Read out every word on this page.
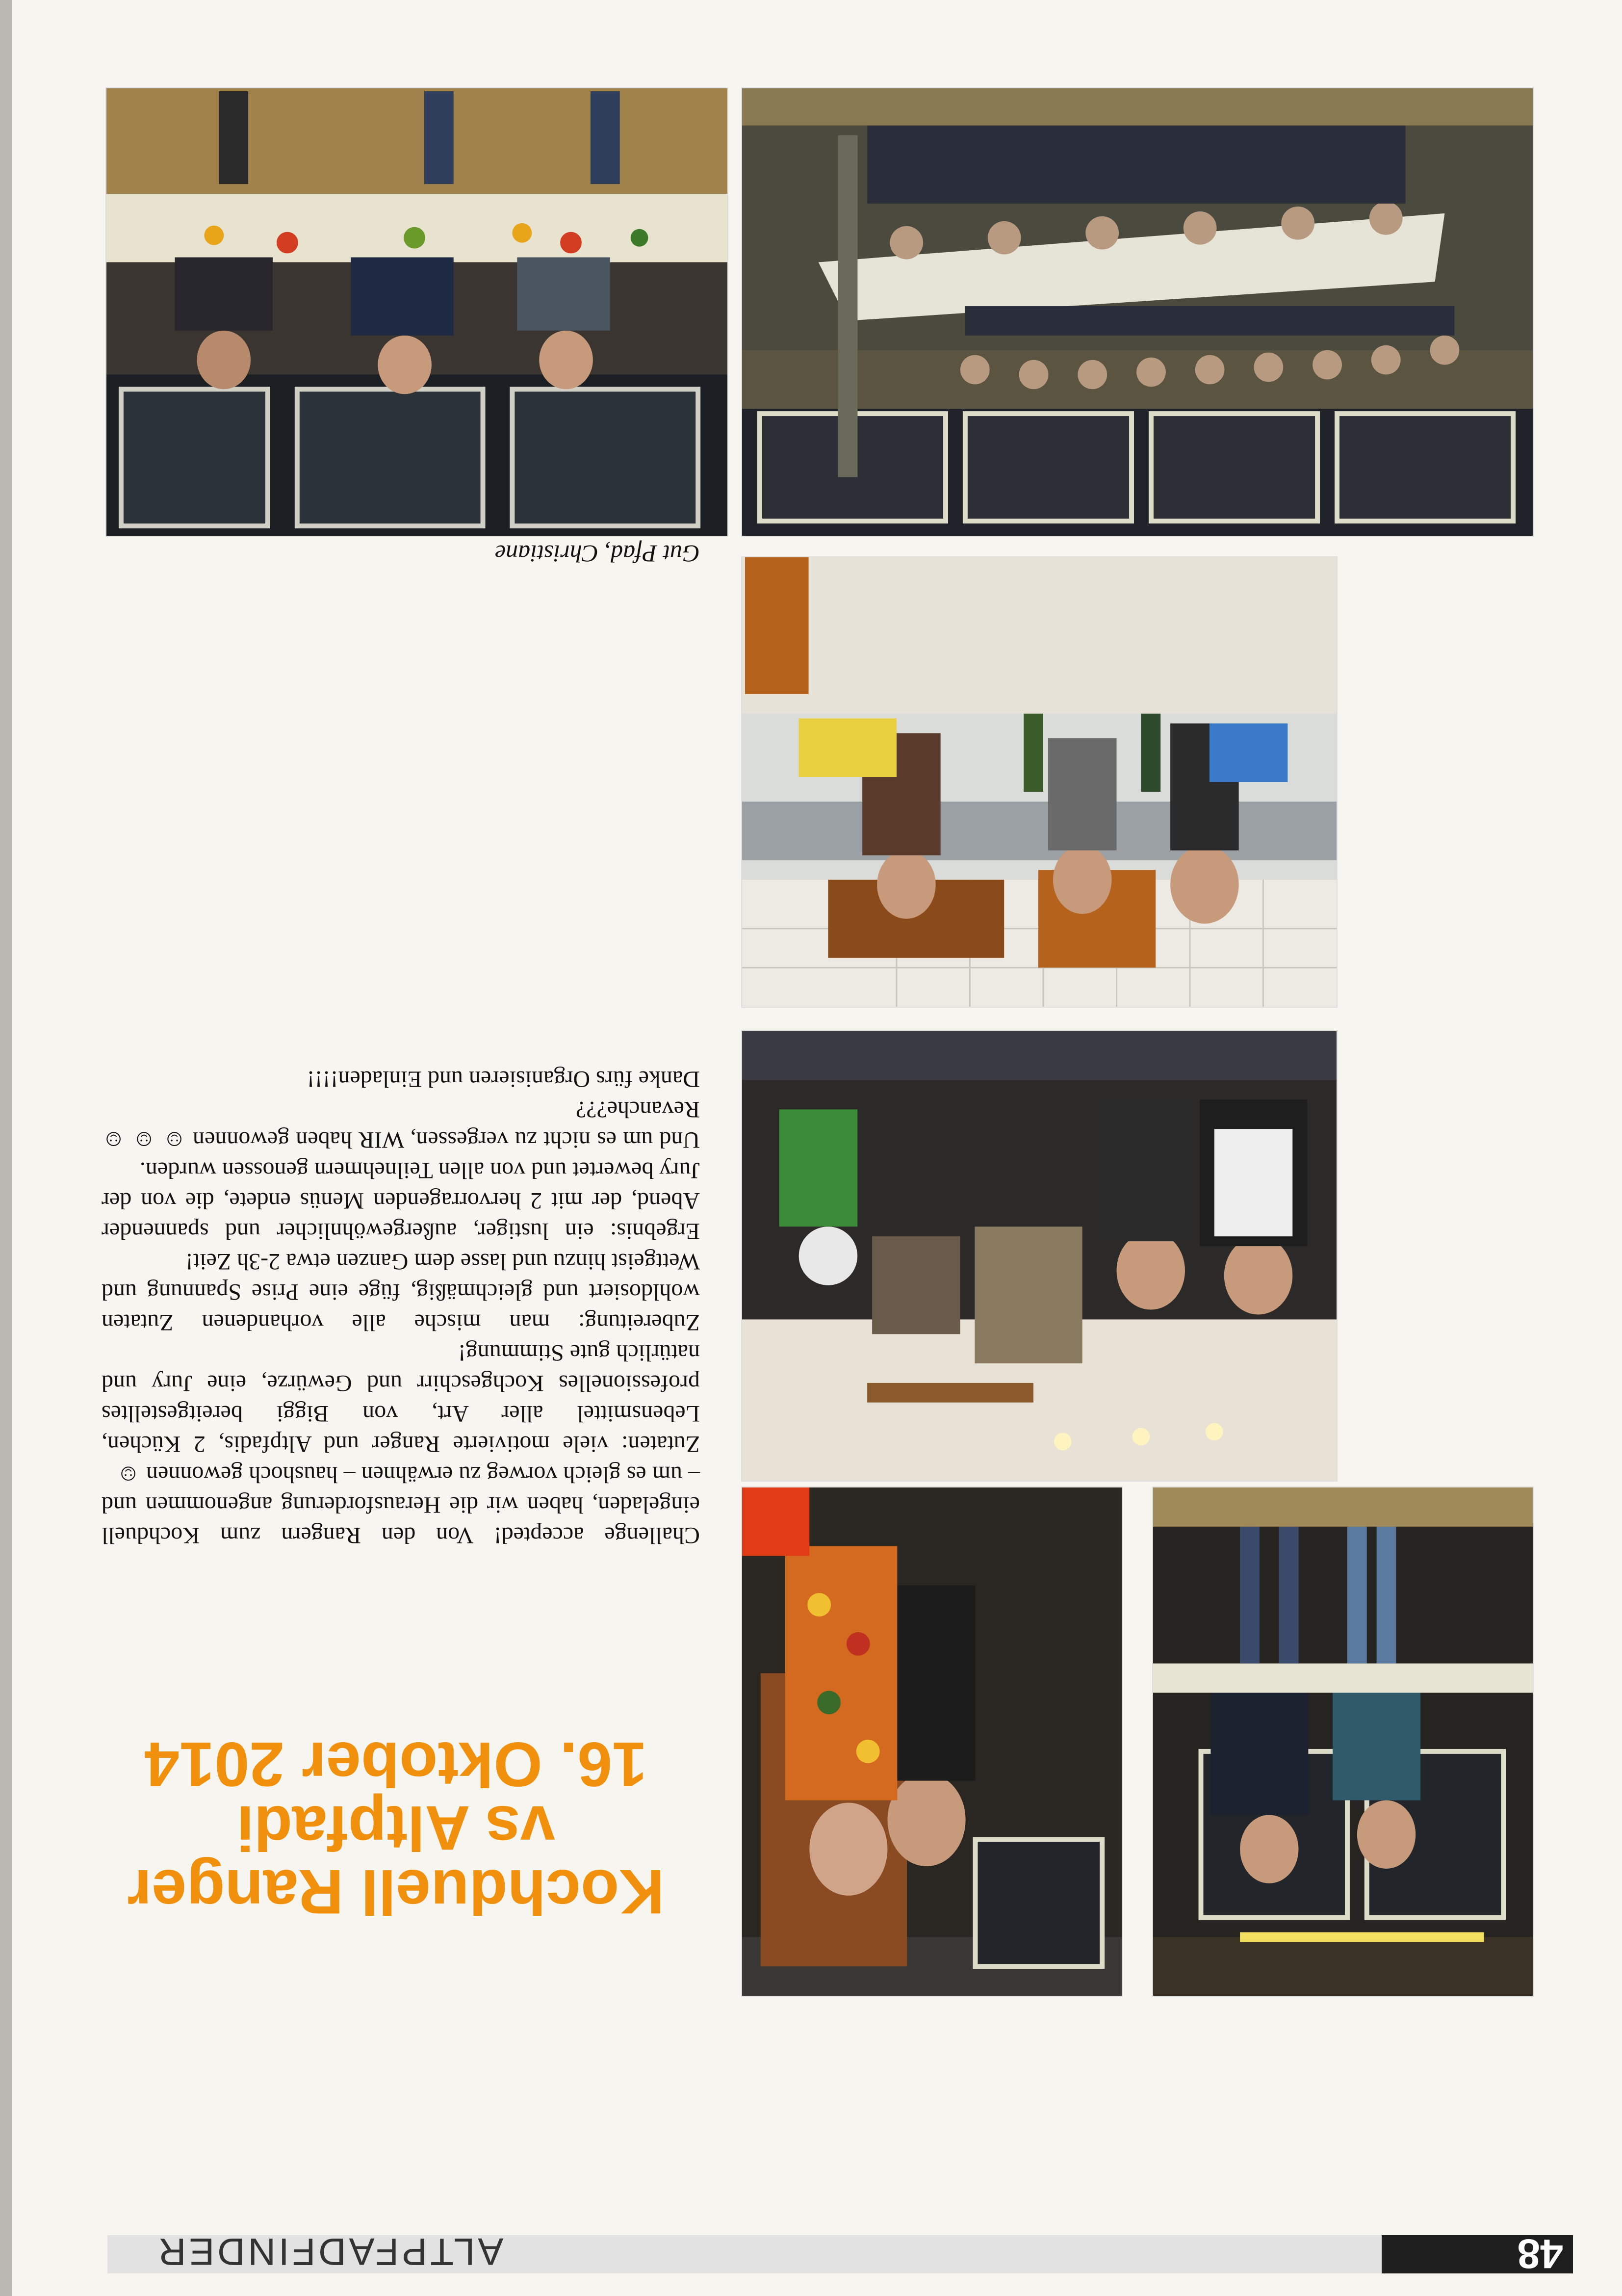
48
ALTPFADFINDER
Kochduell Ranger
vs Altpfadi
16. Oktober 2014

Challenge accepted! Von den Rangern zum Kochduell eingeladen, haben wir die Herausforderung angenommen und – um es gleich vorweg zu erwähnen – haushoch gewonnen ☺

Zutaten: viele motivierte Ranger und Altpfadis, 2 Küchen, Lebensmittel aller Art, von Biggi bereitgestelltes professionelles Kochgeschirr und Gewürze, eine Jury und natürlich gute Stimmung!

Zubereitung: man mische alle vorhandenen Zutaten wohldosiert und gleichmäßig, füge eine Prise Spannung und Wettgeist hinzu und lasse dem Ganzen etwa 2-3h Zeit!

Ergebnis: ein lustiger, außergewöhnlicher und spannender Abend, der mit 2 hervorragenden Menüs endete, die von der Jury bewertet und von allen Teilnehmern genossen wurden.

Und um es nicht zu vergessen, WIR haben gewonnen ☺ ☺ ☺ Revanche???

Danke fürs Organisieren und Einladen!!!!

Gut Pfad, Christiane
